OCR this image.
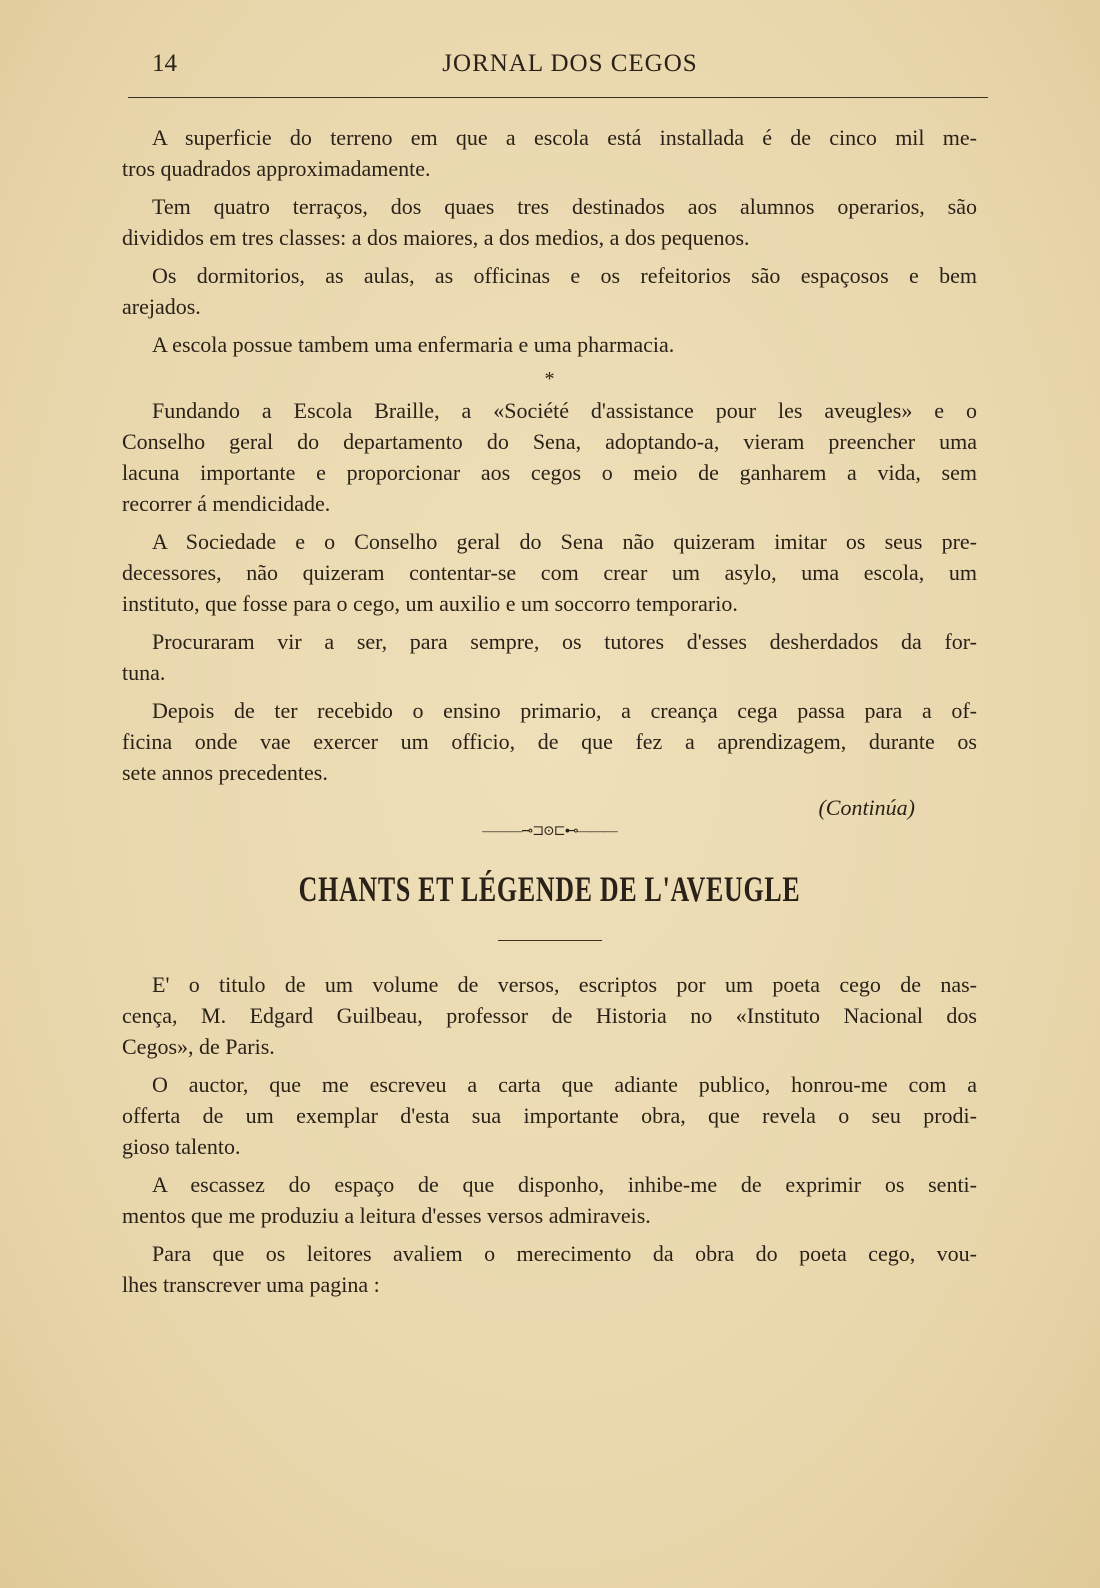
14	JORNAL DOS CEGOS
A superficie do terreno em que a escola está installada é de cinco mil me-
tros quadrados approximadamente.
Tem quatro terraços, dos quaes tres destinados aos alumnos operarios, são
divididos em tres classes: a dos maiores, a dos medios, a dos pequenos.
Os dormitorios, as aulas, as officinas e os refeitorios são espaçosos e bem
arejados.
A escola possue tambem uma enfermaria e uma pharmacia.
*
Fundando a Escola Braille, a «Société d'assistance pour les aveugles» e o
Conselho geral do departamento do Sena, adoptando-a, vieram preencher uma
lacuna importante e proporcionar aos cegos o meio de ganharem a vida, sem
recorrer á mendicidade.
A Sociedade e o Conselho geral do Sena não quizeram imitar os seus pre-
decessores, não quizeram contentar-se com crear um asylo, uma escola, um
instituto, que fosse para o cego, um auxilio e um soccorro temporario.
Procuraram vir a ser, para sempre, os tutores d'esses desherdados da for-
tuna.
Depois de ter recebido o ensino primario, a creança cega passa para a of-
ficina onde vae exercer um officio, de que fez a aprendizagem, durante os
sete annos precedentes.
(Continúa)
———⊸⊐⊙⊏⊷———
CHANTS ET LÉGENDE DE L'AVEUGLE
E' o titulo de um volume de versos, escriptos por um poeta cego de nas-
cença, M. Edgard Guilbeau, professor de Historia no «Instituto Nacional dos
Cegos», de Paris.
O auctor, que me escreveu a carta que adiante publico, honrou-me com a
offerta de um exemplar d'esta sua importante obra, que revela o seu prodi-
gioso talento.
A escassez do espaço de que disponho, inhibe-me de exprimir os senti-
mentos que me produziu a leitura d'esses versos admiraveis.
Para que os leitores avaliem o merecimento da obra do poeta cego, vou-
lhes transcrever uma pagina :
